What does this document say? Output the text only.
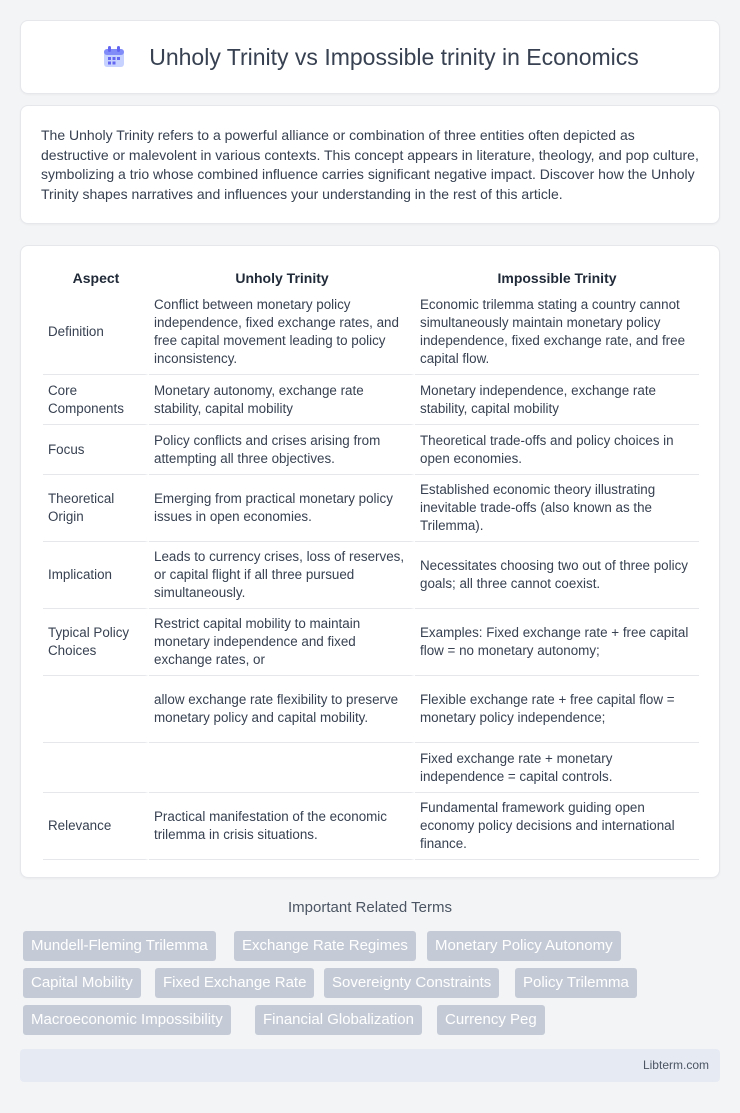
Unholy Trinity vs Impossible trinity in Economics

The Unholy Trinity refers to a powerful alliance or combination of three entities often depicted as destructive or malevolent in various contexts. This concept appears in literature, theology, and pop culture, symbolizing a trio whose combined influence carries significant negative impact. Discover how the Unholy Trinity shapes narratives and influences your understanding in the rest of this article.

Aspect	Unholy Trinity	Impossible Trinity
Definition	Conflict between monetary policy independence, fixed exchange rates, and free capital movement leading to policy inconsistency.	Economic trilemma stating a country cannot simultaneously maintain monetary policy independence, fixed exchange rate, and free capital flow.
Core Components	Monetary autonomy, exchange rate stability, capital mobility	Monetary independence, exchange rate stability, capital mobility
Focus	Policy conflicts and crises arising from attempting all three objectives.	Theoretical trade-offs and policy choices in open economies.
Theoretical Origin	Emerging from practical monetary policy issues in open economies.	Established economic theory illustrating inevitable trade-offs (also known as the Trilemma).
Implication	Leads to currency crises, loss of reserves, or capital flight if all three pursued simultaneously.	Necessitates choosing two out of three policy goals; all three cannot coexist.
Typical Policy Choices	Restrict capital mobility to maintain monetary independence and fixed exchange rates, or	Examples: Fixed exchange rate + free capital flow = no monetary autonomy;
	allow exchange rate flexibility to preserve monetary policy and capital mobility.	Flexible exchange rate + free capital flow = monetary policy independence;
		Fixed exchange rate + monetary independence = capital controls.
Relevance	Practical manifestation of the economic trilemma in crisis situations.	Fundamental framework guiding open economy policy decisions and international finance.
Important Related Terms
Mundell-Fleming Trilemma	Exchange Rate Regimes	Monetary Policy Autonomy
Capital Mobility	Fixed Exchange Rate	Sovereignty Constraints	Policy Trilemma
Macroeconomic Impossibility	Financial Globalization	Currency Peg
Libterm.com
